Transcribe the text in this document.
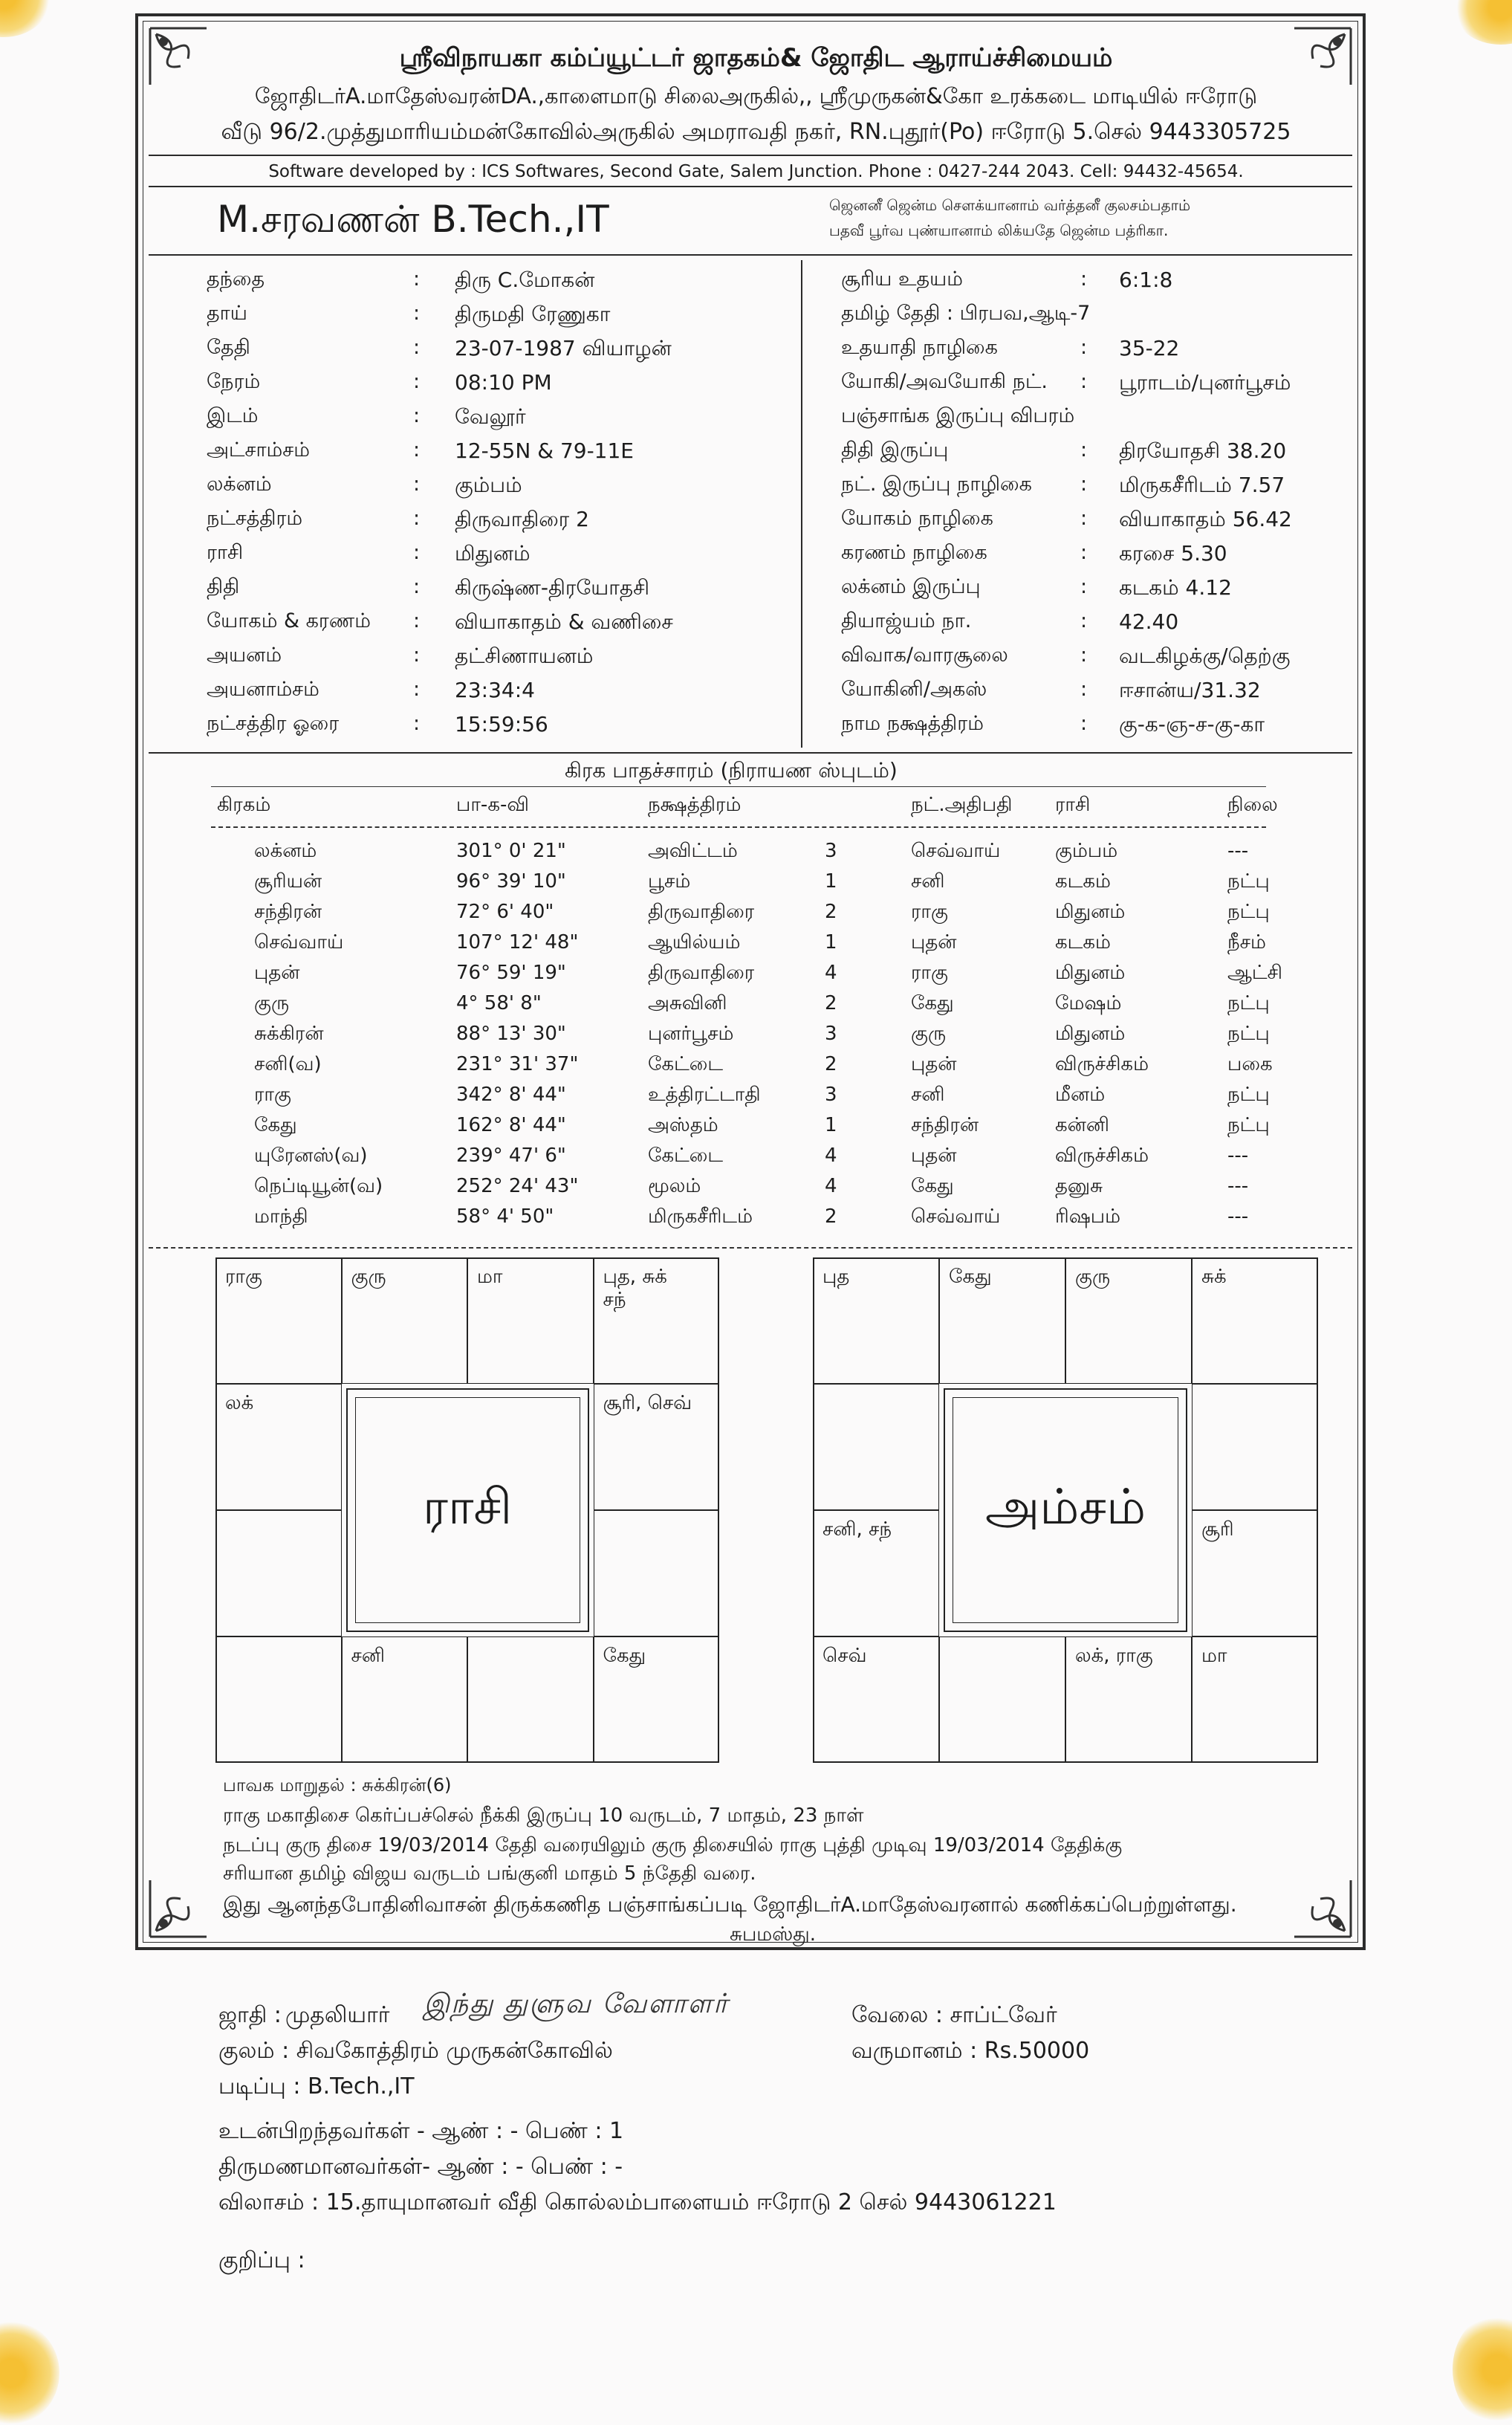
ஸ்ரீவிநாயகா கம்ப்யூட்டர் ஜாதகம்& ஜோதிட ஆராய்ச்சிமையம்
ஜோதிடர்A.மாதேஸ்வரன்DA.,காளைமாடு சிலைஅருகில்,, ஸ்ரீமுருகன்&கோ உரக்கடை மாடியில் ஈரோடு
வீடு 96/2.முத்துமாரியம்மன்கோவில்அருகில் அமராவதி நகர், RN.புதூர்(Po) ஈரோடு 5.செல் 9443305725
Software developed by : ICS Softwares, Second Gate, Salem Junction. Phone : 0427-244 2043. Cell: 94432-45654.
M.சரவணன் B.Tech.,IT	ஜெனனீ ஜென்ம சௌக்யானாம் வர்த்தனீ குலசம்பதாம்
பதவீ பூர்வ புண்யானாம் லிக்யதே ஜென்ம பத்ரிகா.
தந்தை	: திரு C.மோகன்
தாய்	: திருமதி ரேணுகா
தேதி	: 23-07-1987 வியாழன்
நேரம்	: 08:10 PM
இடம்	: வேலூர்
அட்சாம்சம்	: 12-55N & 79-11E
லக்னம்	: கும்பம்
நட்சத்திரம்	: திருவாதிரை 2
ராசி	: மிதுனம்
திதி	: கிருஷ்ண-திரயோதசி
யோகம் & கரணம் : வியாகாதம் & வணிசை
அயனம்	: தட்சிணாயனம்
அயனாம்சம்	: 23:34:4
நட்சத்திர ஓரை	: 15:59:56
சூரிய உதயம்	: 6:1:8
தமிழ் தேதி : பிரபவ,ஆடி-7
உதயாதி நாழிகை	: 35-22
யோகி/அவயோகி நட். : பூராடம்/புனர்பூசம்
பஞ்சாங்க இருப்பு விபரம்
திதி இருப்பு	: திரயோதசி 38.20
நட். இருப்பு நாழிகை : மிருகசீரிடம் 7.57
யோகம் நாழிகை	: வியாகாதம் 56.42
கரணம் நாழிகை	: கரசை 5.30
லக்னம் இருப்பு	: கடகம் 4.12
தியாஜ்யம் நா.	: 42.40
விவாக/வாரசூலை	: வடகிழக்கு/தெற்கு
யோகினி/அகஸ்	: ஈசான்ய/31.32
நாம நக்ஷத்திரம்	: கு-க-ஞ-ச-கு-கா
கிரக பாதச்சாரம் (நிராயண ஸ்புடம்)
கிரகம்	பா-க-வி	நக்ஷத்திரம்	நட்.அதிபதி ராசி	நிலை
லக்னம்	301° 0' 21"	அவிட்டம்	3	செவ்வாய்	கும்பம்	---
சூரியன்	96° 39' 10"	பூசம்	1	சனி	கடகம்	நட்பு
சந்திரன்	72° 6' 40"	திருவாதிரை	2	ராகு	மிதுனம்	நட்பு
செவ்வாய்	107° 12' 48"	ஆயில்யம்	1	புதன்	கடகம்	நீசம்
புதன்	76° 59' 19"	திருவாதிரை	4	ராகு	மிதுனம்	ஆட்சி
குரு	4° 58' 8"	அசுவினி	2	கேது	மேஷம்	நட்பு
சுக்கிரன்	88° 13' 30"	புனர்பூசம்	3	குரு	மிதுனம்	நட்பு
சனி(வ)	231° 31' 37"	கேட்டை	2	புதன்	விருச்சிகம்	பகை
ராகு	342° 8' 44"	உத்திரட்டாதி	3	சனி	மீனம்	நட்பு
கேது	162° 8' 44"	அஸ்தம்	1	சந்திரன்	கன்னி	நட்பு
யுரேனஸ்(வ)	239° 47' 6"	கேட்டை	4	புதன்	விருச்சிகம்	---
நெப்டியூன்(வ)	252° 24' 43"	மூலம்	4	கேது	தனுசு	---
மாந்தி	58° 4' 50"	மிருகசீரிடம்	2	செவ்வாய்	ரிஷபம்	---
ராகு	குரு	மா	புத, சுக்
சந்
லக்	சூரி, செவ்
சனி	கேது
ராசி
புத	கேது	குரு	சுக்
சனி, சந்	சூரி
செவ்	லக், ராகு	மா
அம்சம்
பாவக மாறுதல் : சுக்கிரன்(6)
ராகு மகாதிசை கெர்ப்பச்செல் நீக்கி இருப்பு 10 வருடம், 7 மாதம், 23 நாள்
நடப்பு குரு திசை 19/03/2014 தேதி வரையிலும் குரு திசையில் ராகு புத்தி முடிவு 19/03/2014 தேதிக்கு
சரியான தமிழ் விஜய வருடம் பங்குனி மாதம் 5 ந்தேதி வரை.
இது ஆனந்தபோதினிவாசன் திருக்கணித பஞ்சாங்கப்படி ஜோதிடர்A.மாதேஸ்வரனால் கணிக்கப்பெற்றுள்ளது.
சுபமஸ்து.
ஜாதி : முதலியார் இந்து துளுவ வேளாளர்	வேலை : சாப்ட்வேர்
குலம் : சிவகோத்திரம் முருகன்கோவில்	வருமானம் : Rs.50000
படிப்பு : B.Tech.,IT
உடன்பிறந்தவர்கள் - ஆண் : - பெண் : 1
திருமணமானவர்கள்- ஆண் : - பெண் : -
விலாசம் : 15.தாயுமானவர் வீதி கொல்லம்பாளையம் ஈரோடு 2 செல் 9443061221
குறிப்பு :
